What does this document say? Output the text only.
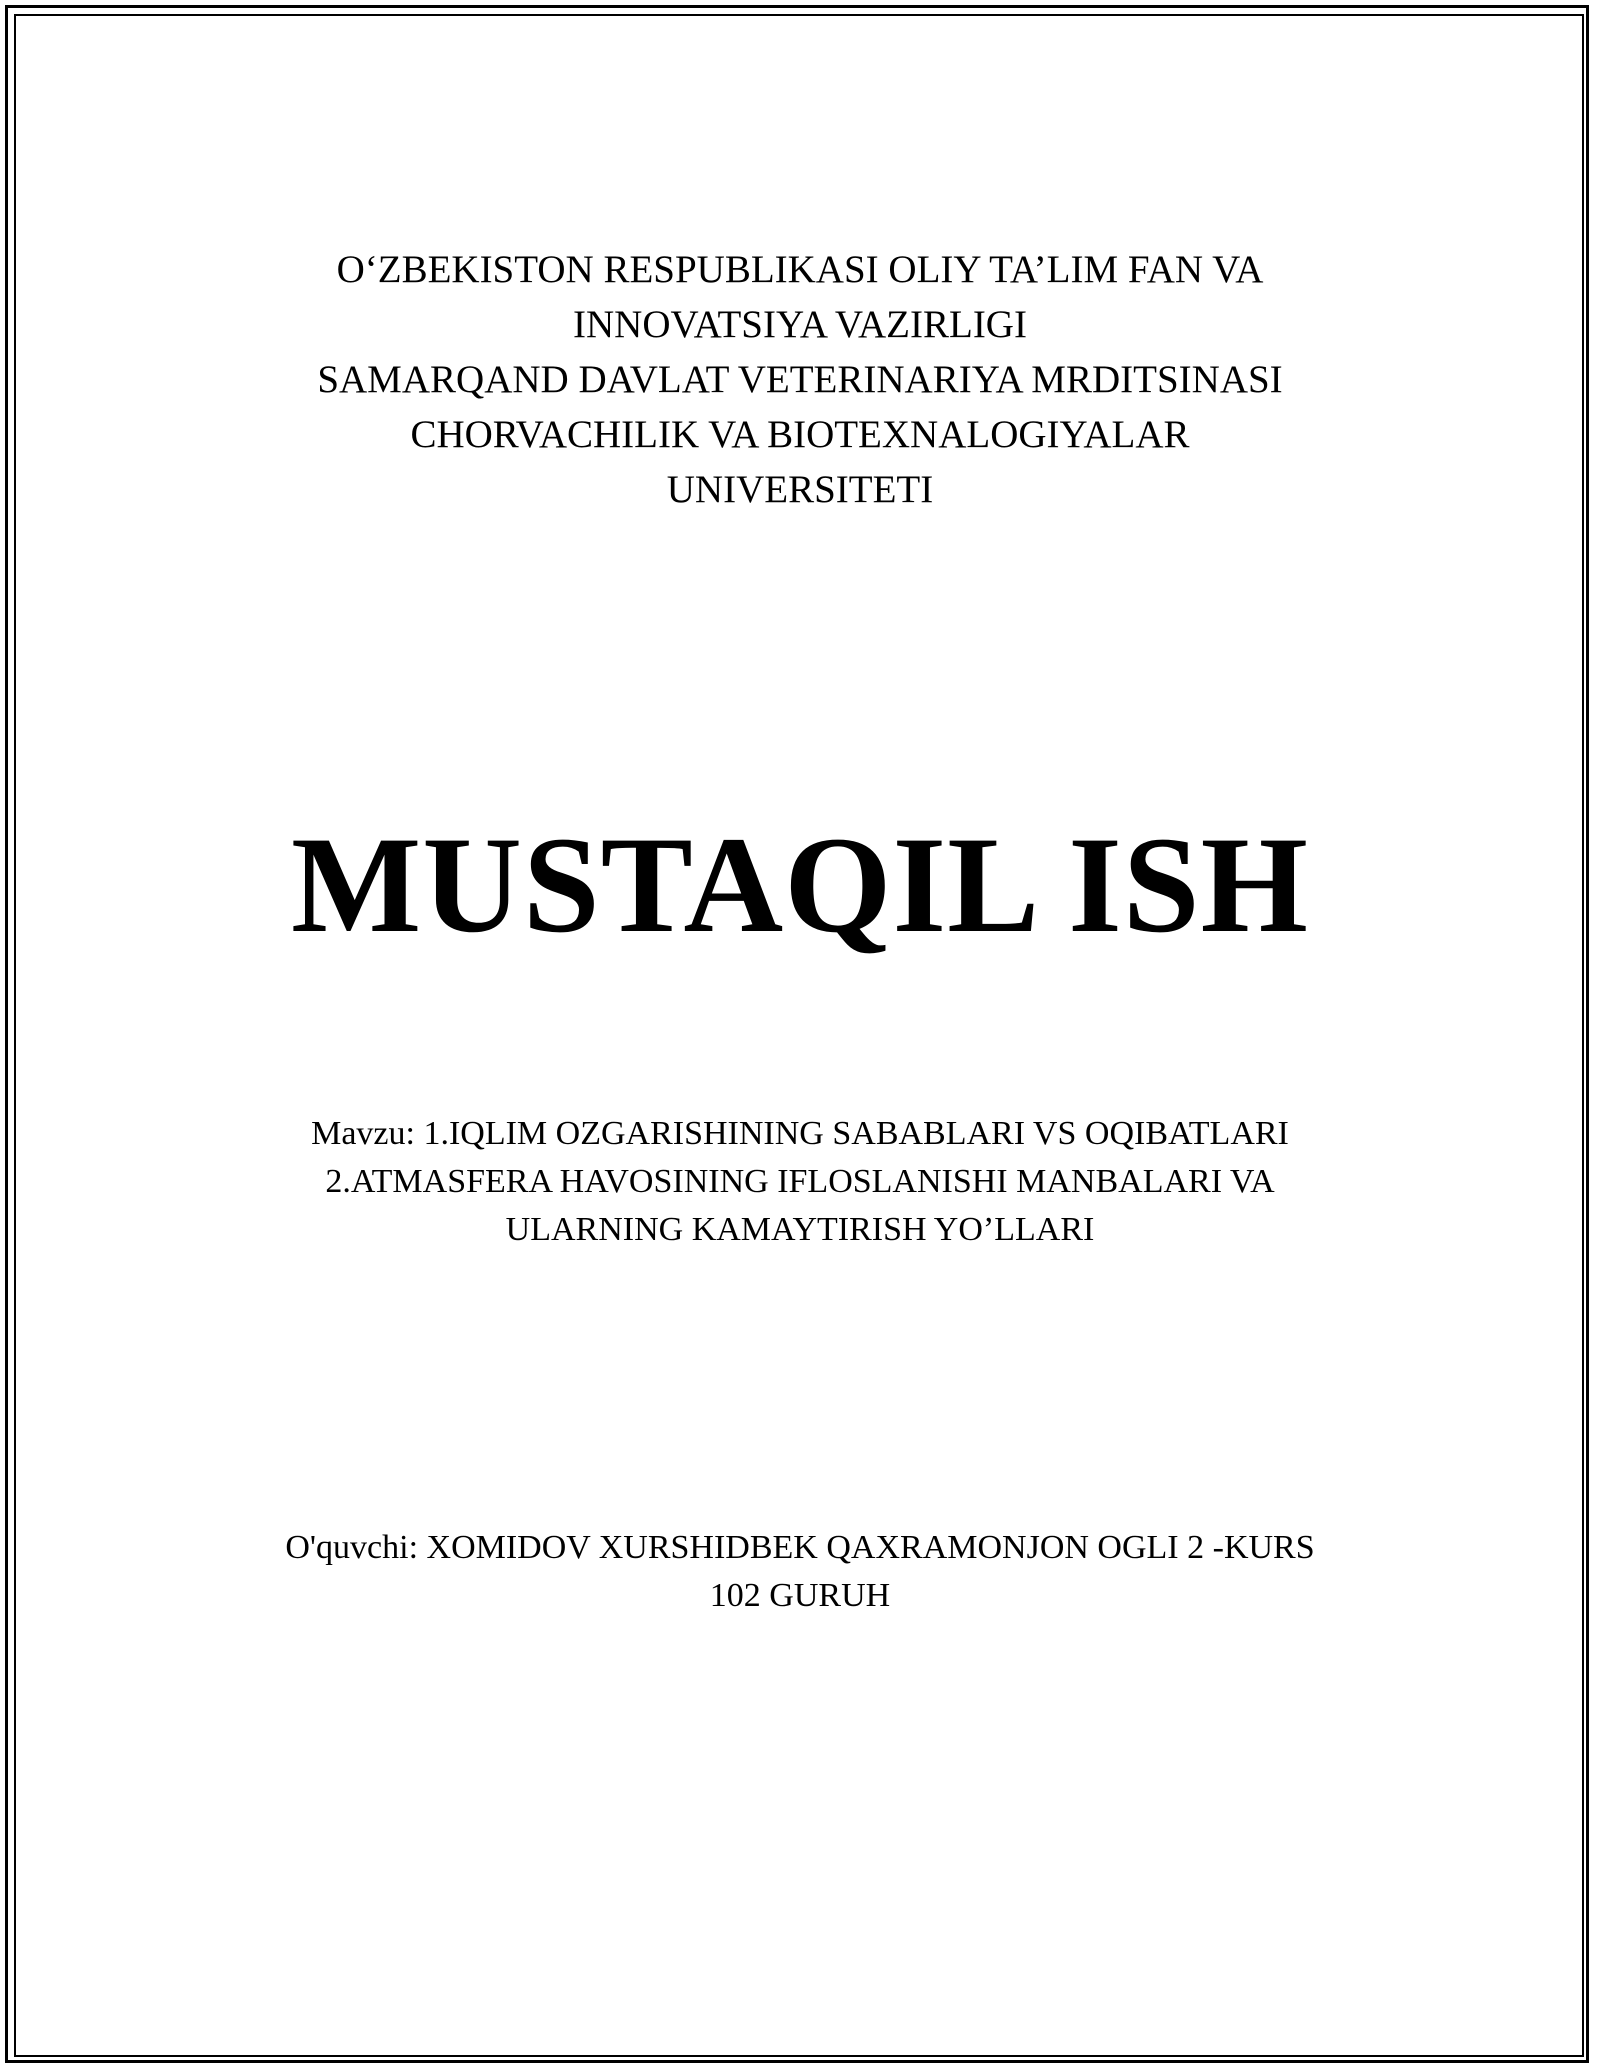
O‘ZBEKISTON RESPUBLIKASI OLIY TA’LIM FAN VA
INNOVATSIYA VAZIRLIGI
SAMARQAND DAVLAT VETERINARIYA MRDITSINASI
CHORVACHILIK VA BIOTEXNALOGIYALAR
UNIVERSITETI
MUSTAQIL ISH
Mavzu: 1.IQLIM OZGARISHINING SABABLARI VS OQIBATLARI
2.ATMASFERA HAVOSINING IFLOSLANISHI MANBALARI VA
ULARNING KAMAYTIRISH YO’LLARI
O'quvchi: XOMIDOV XURSHIDBEK QAXRAMONJON OGLI 2 -KURS
102 GURUH
